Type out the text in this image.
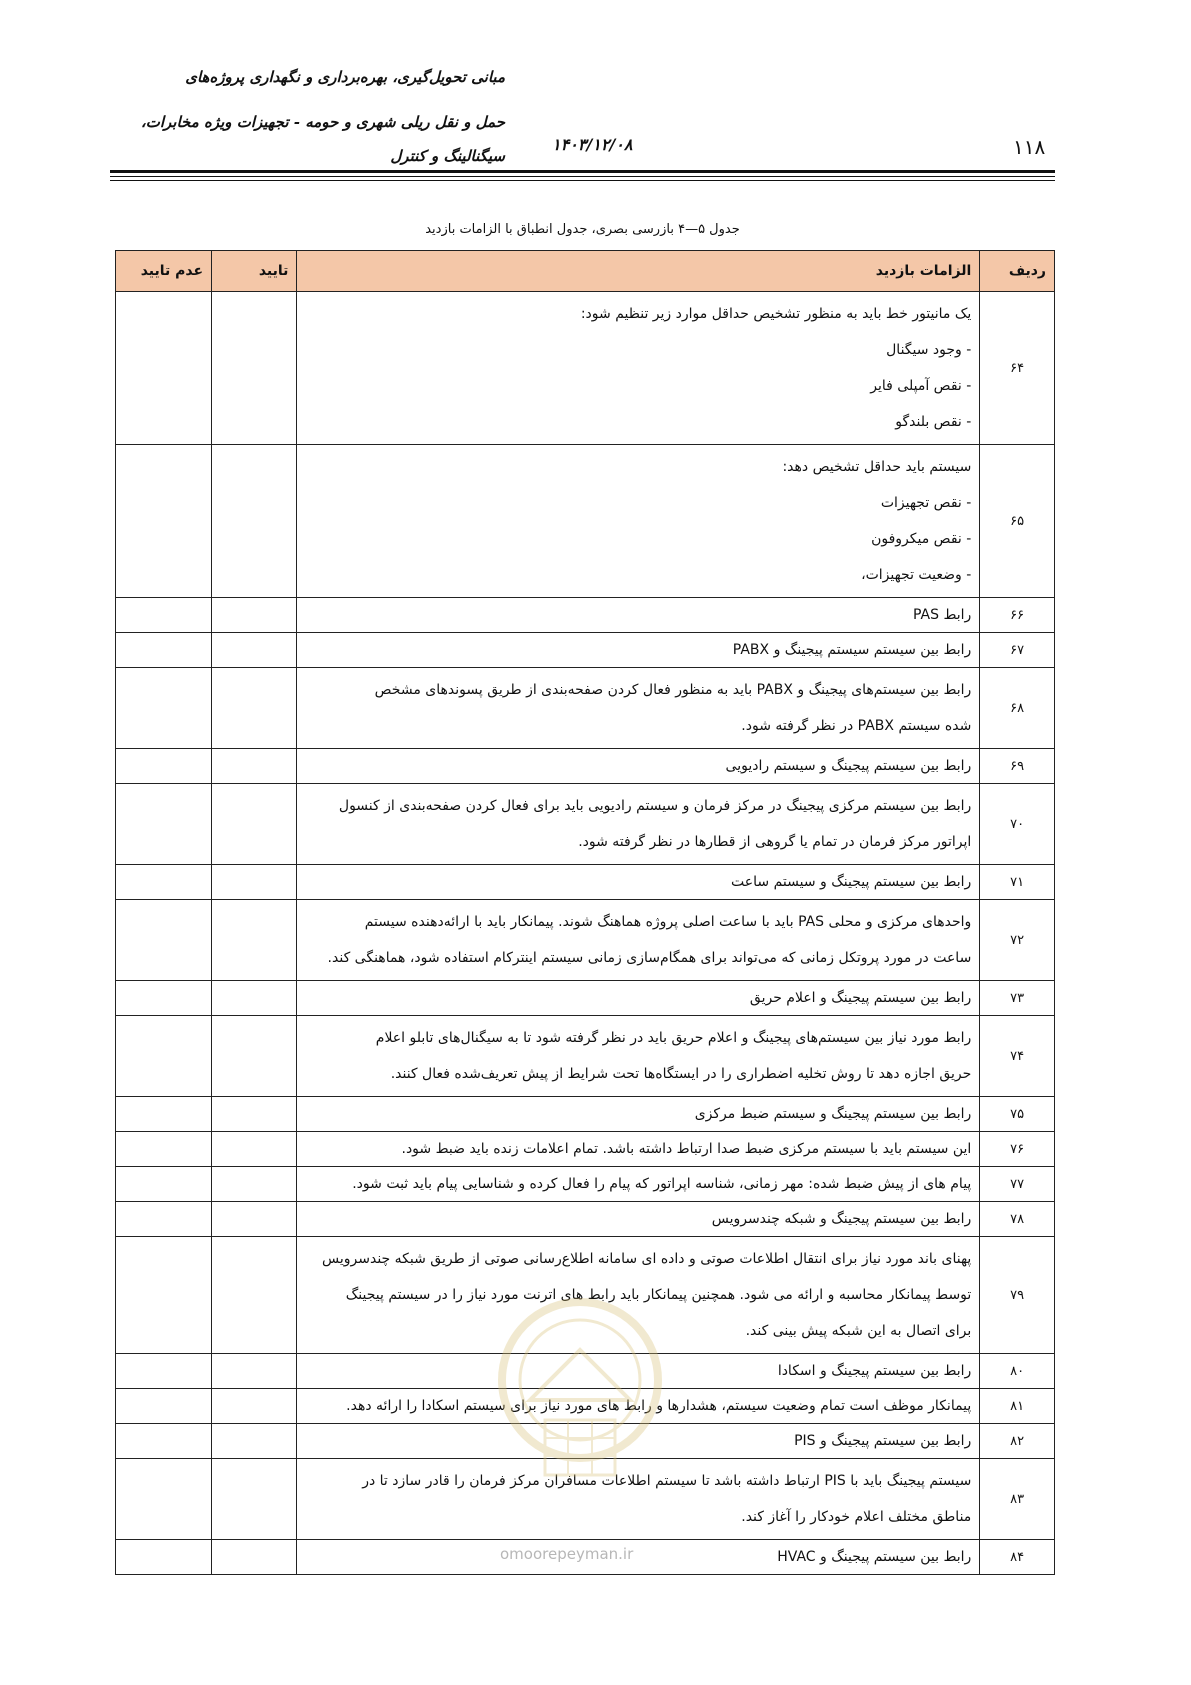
مبانی تحویل‌گیری، بهره‌برداری و نگهداری پروژه‌های
حمل و نقل ریلی شهری و حومه - تجهیزات ویژه مخابرات،
سیگنالینگ و کنترل
۱۴۰۳/۱۲/۰۸	۱۱۸
جدول ۵—۴ بازرسی بصری، جدول انطباق با الزامات بازدید
ردیف	الزامات بازدید	تایید	عدم تایید
۶۴	یک مانیتور خط باید به منظور تشخیص حداقل موارد زیر تنظیم شود:
- وجود سیگنال
- نقص آمپلی فایر
- نقص بلندگو		

۶۵	سیستم باید حداقل تشخیص دهد:
- نقص تجهیزات
- نقص میکروفون
- وضعیت تجهیزات،		

۶۶	رابط PAS		

۶۷	رابط بین سیستم سیستم پیجینگ و PABX		

۶۸	رابط بین سیستم‌های پیجینگ و PABX باید به منظور فعال کردن صفحه‌بندی از طریق پسوندهای مشخص
شده سیستم PABX در نظر گرفته شود.		

۶۹	رابط بین سیستم پیجینگ و سیستم رادیویی		

۷۰	رابط بین سیستم مرکزی پیجینگ در مرکز فرمان و سیستم رادیویی باید برای فعال کردن صفحه‌بندی از کنسول
اپراتور مرکز فرمان در تمام یا گروهی از قطارها در نظر گرفته شود.		

۷۱	رابط بین سیستم پیجینگ و سیستم ساعت		

۷۲	واحدهای مرکزی و محلی PAS باید با ساعت اصلی پروژه هماهنگ شوند. پیمانکار باید با ارائه‌دهنده سیستم
ساعت در مورد پروتکل زمانی که می‌تواند برای همگام‌سازی زمانی سیستم اینترکام استفاده شود، هماهنگی کند.		

۷۳	رابط بین سیستم پیجینگ و اعلام حریق		

۷۴	رابط مورد نیاز بین سیستم‌های پیجینگ و اعلام حریق باید در نظر گرفته شود تا به سیگنال‌های تابلو اعلام
حریق اجازه دهد تا روش تخلیه اضطراری را در ایستگاه‌ها تحت شرایط از پیش تعریف‌شده فعال کنند.		

۷۵	رابط بین سیستم پیجینگ و سیستم ضبط مرکزی		

۷۶	این سیستم باید با سیستم مرکزی ضبط صدا ارتباط داشته باشد. تمام اعلامات زنده باید ضبط شود.		

۷۷	پیام های از پیش ضبط شده: مهر زمانی، شناسه اپراتور که پیام را فعال کرده و شناسایی پیام باید ثبت شود.		

۷۸	رابط بین سیستم پیجینگ و شبکه چندسرویس		

۷۹	پهنای باند مورد نیاز برای انتقال اطلاعات صوتی و داده ای سامانه اطلاع‌رسانی صوتی از طریق شبکه چندسرویس
توسط پیمانکار محاسبه و ارائه می شود. همچنین پیمانکار باید رابط های اترنت مورد نیاز را در سیستم پیجینگ
برای اتصال به این شبکه پیش بینی کند.		

۸۰	رابط بین سیستم پیجینگ و اسکادا		

۸۱	پیمانکار موظف است تمام وضعیت سیستم، هشدارها و رابط های مورد نیاز برای سیستم اسکادا را ارائه دهد.		

۸۲	رابط بین سیستم پیجینگ و PIS		

۸۳	سیستم پیجینگ باید با PIS ارتباط داشته باشد تا سیستم اطلاعات مسافران مرکز فرمان را قادر سازد تا در
مناطق مختلف اعلام خودکار را آغاز کند.		

۸۴	رابط بین سیستم پیجینگ و HVAC		

omoorepeyman.ir
